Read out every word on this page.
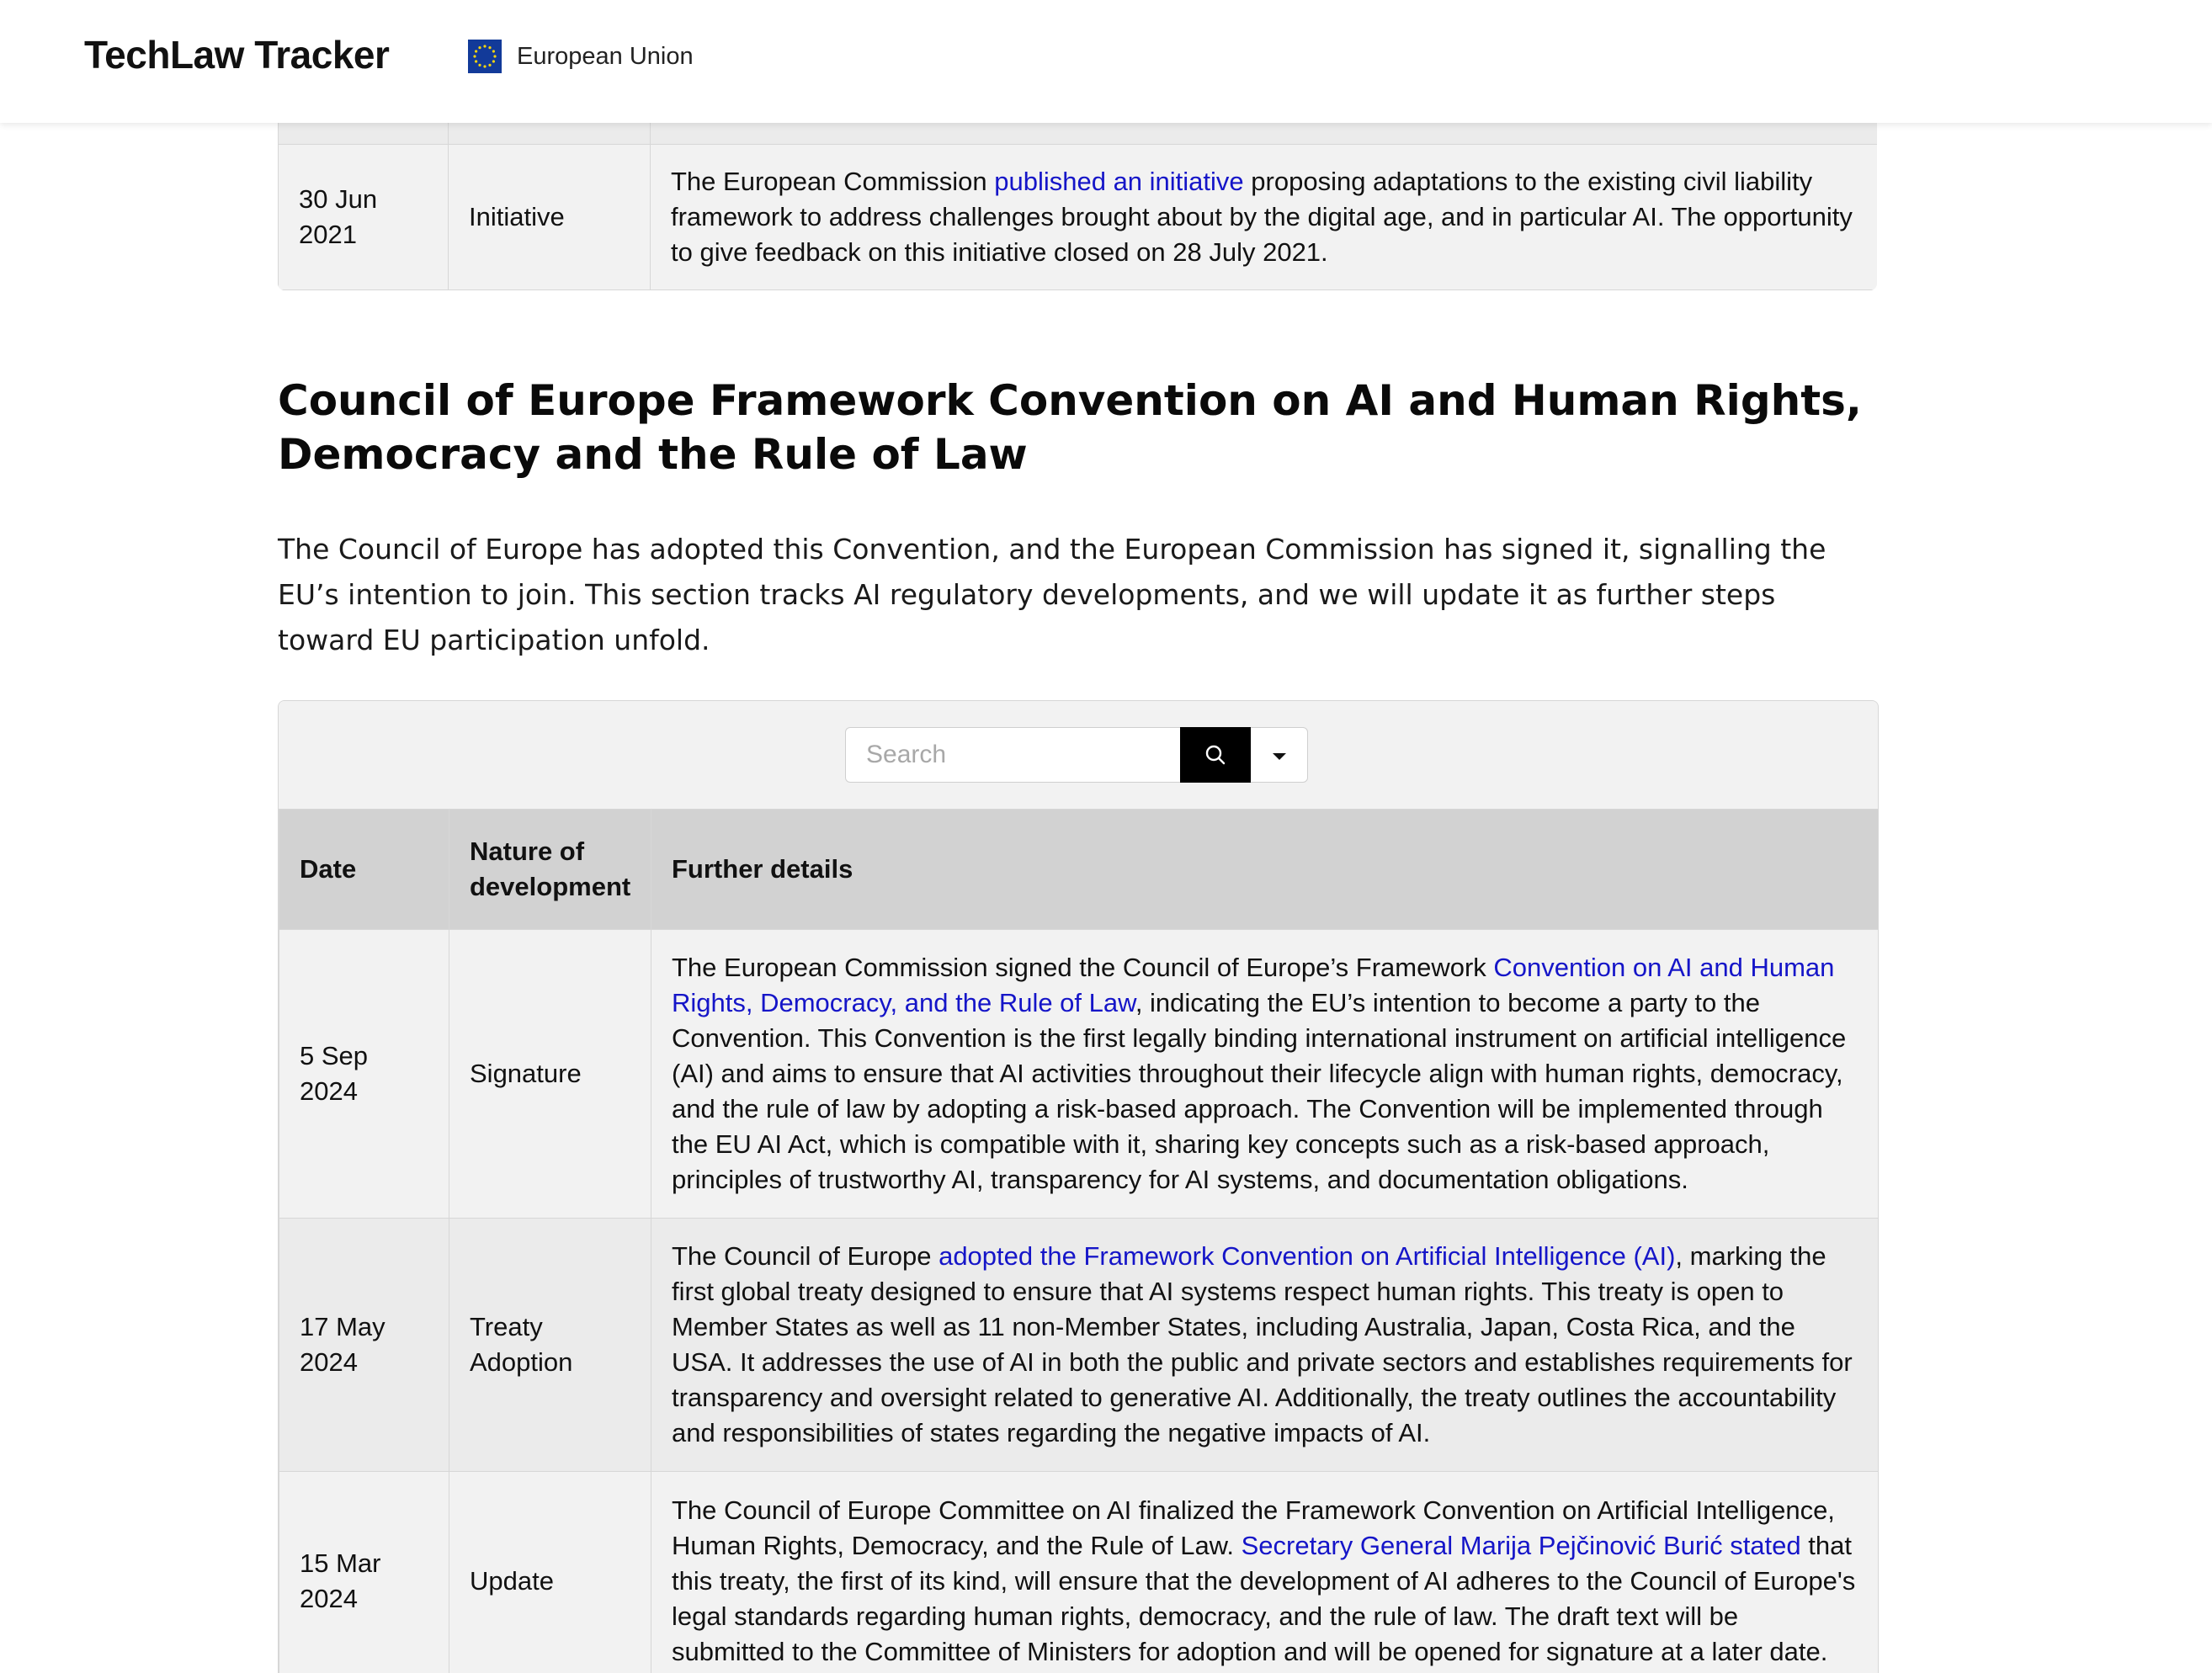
30 Jun 2021	Initiative	The European Commission published an initiative proposing adaptations to the existing civil liability framework to address challenges brought about by the digital age, and in particular AI. The opportunity to give feedback on this initiative closed on 28 July 2021.
TechLaw Tracker	European Union
Council of Europe Framework Convention on AI and Human Rights, Democracy and the Rule of Law

The Council of Europe has adopted this Convention, and the European Commission has signed it, signalling the EU’s intention to join. This section tracks AI regulatory developments, and we will update it as further steps toward EU participation unfold.

Search
Date	Nature of development	Further details
5 Sep 2024	Signature	The European Commission signed the Council of Europe’s Framework Convention on AI and Human Rights, Democracy, and the Rule of Law, indicating the EU’s intention to become a party to the Convention. This Convention is the first legally binding international instrument on artificial intelligence (AI) and aims to ensure that AI activities throughout their lifecycle align with human rights, democracy, and the rule of law by adopting a risk-based approach. The Convention will be implemented through the EU AI Act, which is compatible with it, sharing key concepts such as a risk-based approach, principles of trustworthy AI, transparency for AI systems, and documentation obligations.
17 May 2024	Treaty Adoption	The Council of Europe adopted the Framework Convention on Artificial Intelligence (AI), marking the first global treaty designed to ensure that AI systems respect human rights. This treaty is open to Member States as well as 11 non-Member States, including Australia, Japan, Costa Rica, and the USA. It addresses the use of AI in both the public and private sectors and establishes requirements for transparency and oversight related to generative AI. Additionally, the treaty outlines the accountability and responsibilities of states regarding the negative impacts of AI.
15 Mar 2024	Update	The Council of Europe Committee on AI finalized the Framework Convention on Artificial Intelligence, Human Rights, Democracy, and the Rule of Law. Secretary General Marija Pejčinović Burić stated that this treaty, the first of its kind, will ensure that the development of AI adheres to the Council of Europe's legal standards regarding human rights, democracy, and the rule of law. The draft text will be submitted to the Committee of Ministers for adoption and will be opened for signature at a later date.
